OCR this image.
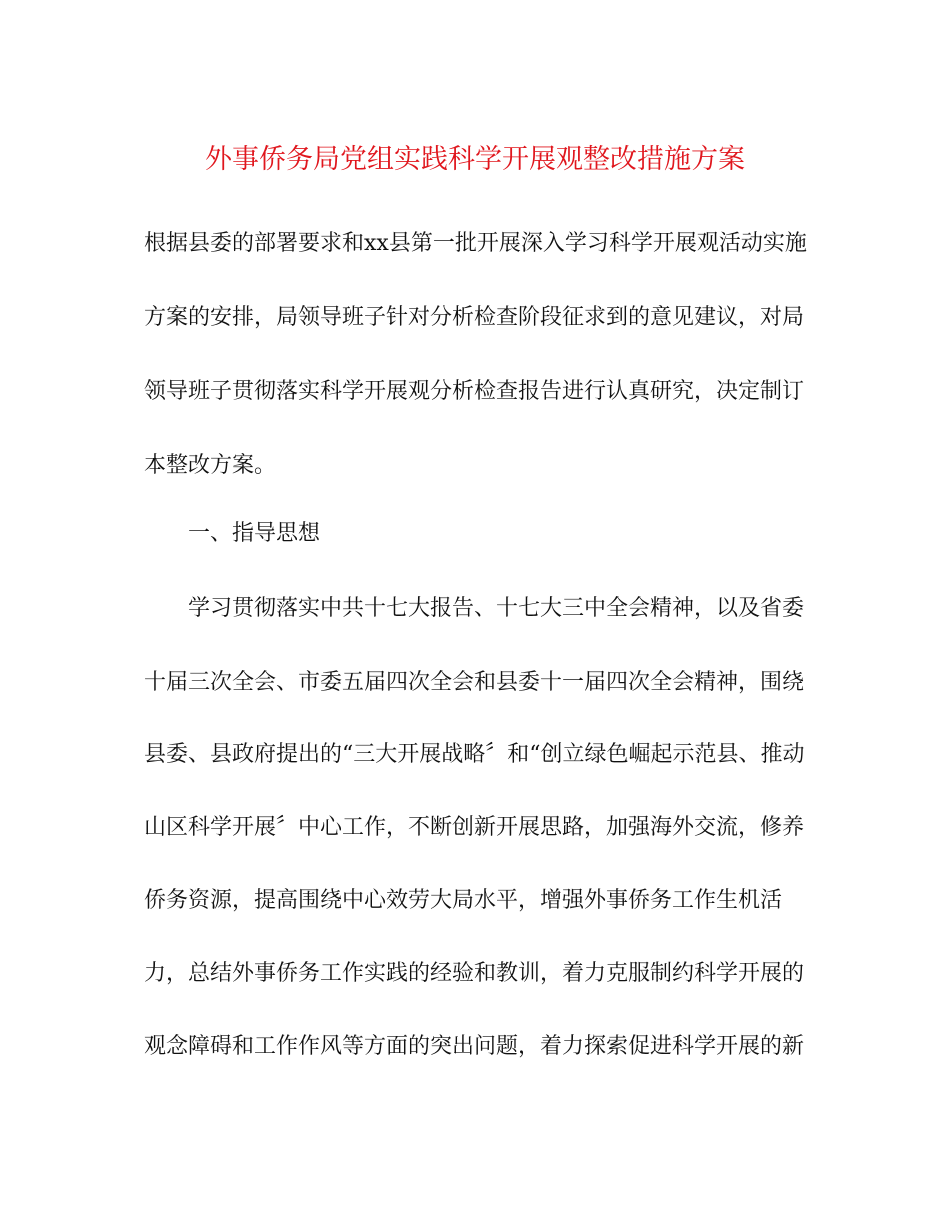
外事侨务局党组实践科学开展观整改措施方案

根据县委的部署要求和xx县第一批开展深入学习科学开展观活动实施

方案的安排，局领导班子针对分析检查阶段征求到的意见建议，对局

领导班子贯彻落实科学开展观分析检查报告进行认真研究，决定制订

本整改方案。

一、指导思想

学习贯彻落实中共十七大报告、十七大三中全会精神，以及省委

十届三次全会、市委五届四次全会和县委十一届四次全会精神，围绕

县委、县政府提出的“三大开展战略〞和“创立绿色崛起示范县、推动

山区科学开展〞中心工作，不断创新开展思路，加强海外交流，修养

侨务资源，提高围绕中心效劳大局水平，增强外事侨务工作生机活

力，总结外事侨务工作实践的经验和教训，着力克服制约科学开展的

观念障碍和工作作风等方面的突出问题，着力探索促进科学开展的新
